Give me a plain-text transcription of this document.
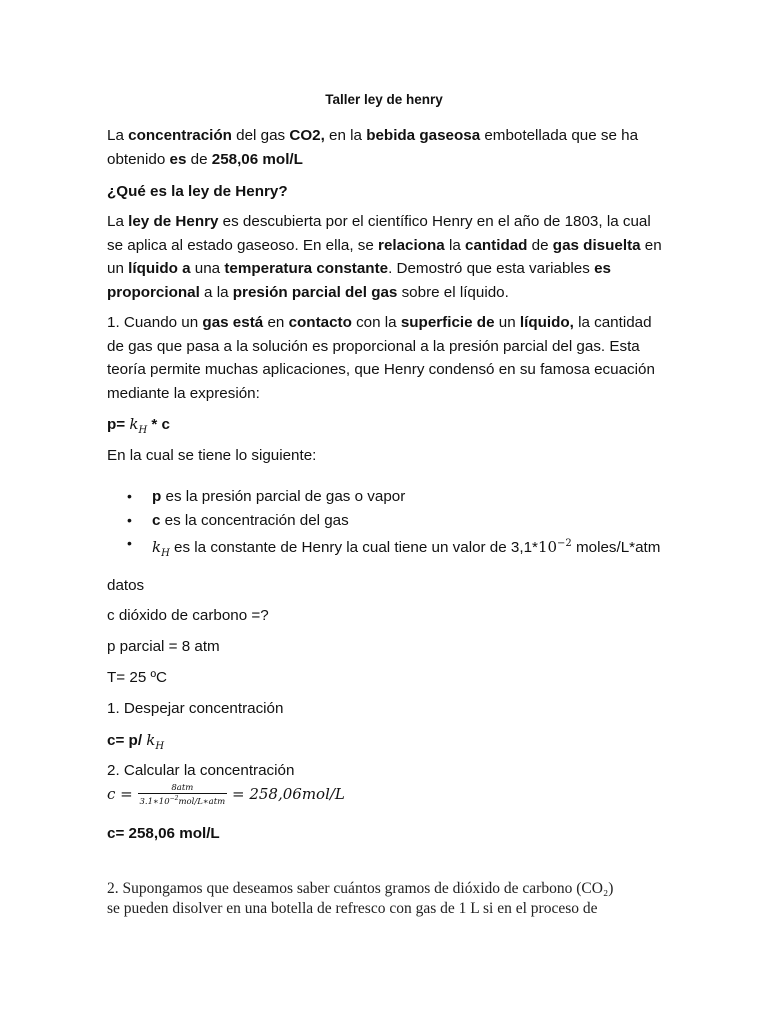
Taller ley de henry
La concentración del gas CO2, en la bebida gaseosa embotellada que se ha
obtenido es de 258,06 mol/L
¿Qué es la ley de Henry?
La ley de Henry es descubierta por el científico Henry en el año de 1803, la cual
se aplica al estado gaseoso. En ella, se relaciona la cantidad de gas disuelta en
un líquido a una temperatura constante. Demostró que esta variables es
proporcional a la presión parcial del gas sobre el líquido.
1. Cuando un gas está en contacto con la superficie de un líquido, la cantidad
de gas que pasa a la solución es proporcional a la presión parcial del gas. Esta
teoría permite muchas aplicaciones, que Henry condensó en su famosa ecuación
mediante la expresión:
$p= k_H * c$
En la cual se tiene lo siguiente:
• p es la presión parcial de gas o vapor
• c es la concentración del gas
• $k_H$ es la constante de Henry la cual tiene un valor de $3,1*10^{-2}$ moles/L*atm
datos
c dióxido de carbono =?
p parcial = 8 atm
T= 25 ºC
1. Despejar concentración
c= p/ $k_H$
2. Calcular la concentración
$c = \frac{\text{8atm}}{3.1∗10^{-2}mol/L∗atm} = 258,06mol/L$
c= 258,06 mol/L
2. Supongamos que deseamos saber cuántos gramos de dióxido de carbono (CO₂)
se pueden disolver en una botella de refresco con gas de 1 L si en el proceso de
